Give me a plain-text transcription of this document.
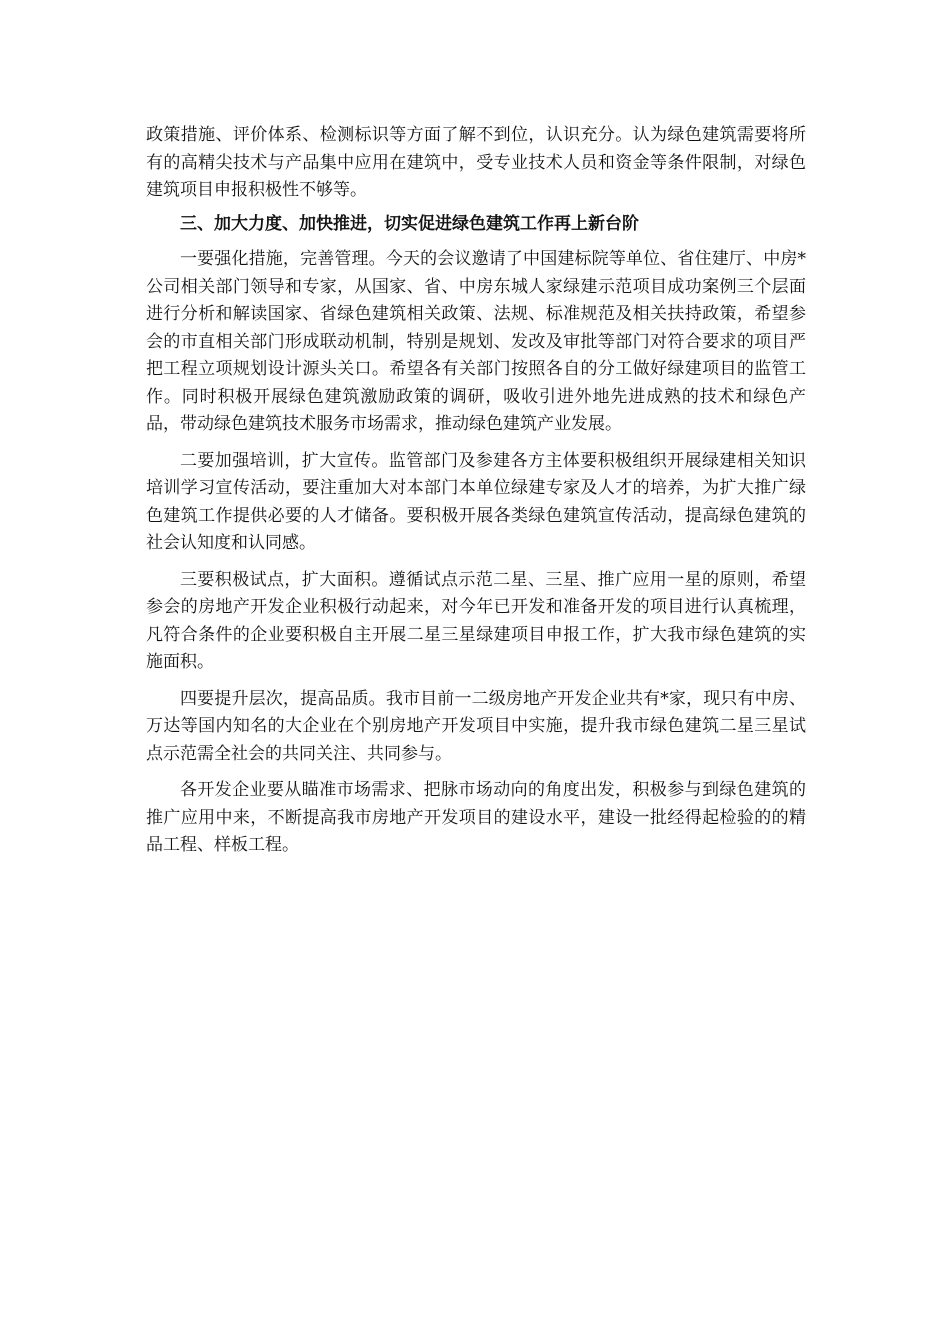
政策措施、评价体系、检测标识等方面了解不到位，认识充分。认为绿色建筑需要将所有的高精尖技术与产品集中应用在建筑中，受专业技术人员和资金等条件限制，对绿色建筑项目申报积极性不够等。

三、加大力度、加快推进，切实促进绿色建筑工作再上新台阶

一要强化措施，完善管理。今天的会议邀请了中国建标院等单位、省住建厅、中房*公司相关部门领导和专家，从国家、省、中房东城人家绿建示范项目成功案例三个层面进行分析和解读国家、省绿色建筑相关政策、法规、标准规范及相关扶持政策，希望参会的市直相关部门形成联动机制，特别是规划、发改及审批等部门对符合要求的项目严把工程立项规划设计源头关口。希望各有关部门按照各自的分工做好绿建项目的监管工作。同时积极开展绿色建筑激励政策的调研，吸收引进外地先进成熟的技术和绿色产品，带动绿色建筑技术服务市场需求，推动绿色建筑产业发展。

二要加强培训，扩大宣传。监管部门及参建各方主体要积极组织开展绿建相关知识培训学习宣传活动，要注重加大对本部门本单位绿建专家及人才的培养，为扩大推广绿色建筑工作提供必要的人才储备。要积极开展各类绿色建筑宣传活动，提高绿色建筑的社会认知度和认同感。

三要积极试点，扩大面积。遵循试点示范二星、三星、推广应用一星的原则，希望参会的房地产开发企业积极行动起来，对今年已开发和准备开发的项目进行认真梳理，凡符合条件的企业要积极自主开展二星三星绿建项目申报工作，扩大我市绿色建筑的实施面积。

四要提升层次，提高品质。我市目前一二级房地产开发企业共有*家，现只有中房、万达等国内知名的大企业在个别房地产开发项目中实施，提升我市绿色建筑二星三星试点示范需全社会的共同关注、共同参与。

各开发企业要从瞄准市场需求、把脉市场动向的角度出发，积极参与到绿色建筑的推广应用中来，不断提高我市房地产开发项目的建设水平，建设一批经得起检验的的精品工程、样板工程。
